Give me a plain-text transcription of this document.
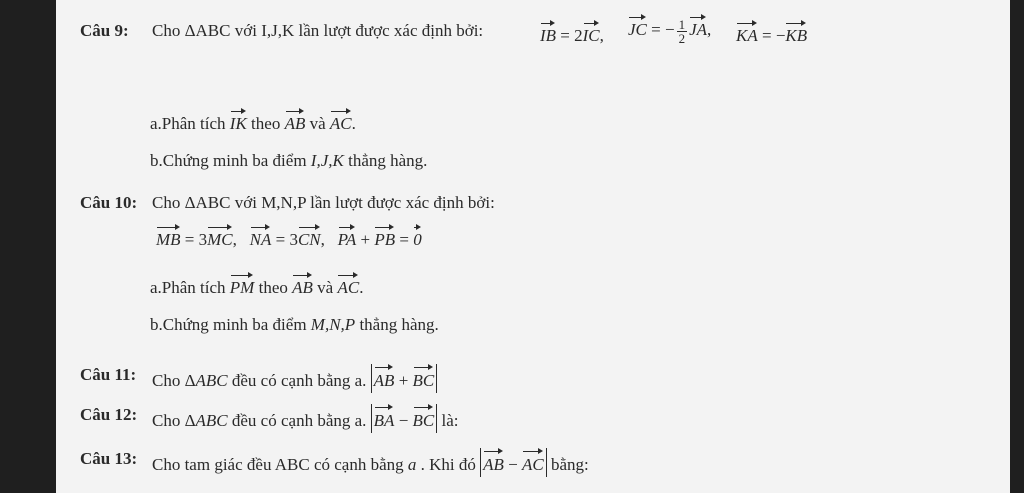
Câu 9: Cho ΔABC với I,J,K lần lượt được xác định bởi:	IB = 2IC, JC = − $\frac{1}{2}$ JA, KA = −KB
a.Phân tích IK theo AB và AC.
b.Chứng minh ba điểm I,J,K thẳng hàng.
Câu 10: Cho ΔABC với M,N,P lần lượt được xác định bởi:
MB = 3MC,   NA = 3CN,   PA + PB = 0
a.Phân tích PM theo AB và AC.
b.Chứng minh ba điểm M,N,P thẳng hàng.
Câu 11: Cho ΔABC đều có cạnh bằng a. AB + BC
Câu 12: Cho ΔABC đều có cạnh bằng a. BA − BC là:
Câu 13: Cho tam giác đều ABC có cạnh bằng a . Khi đó AB − AC bằng:
